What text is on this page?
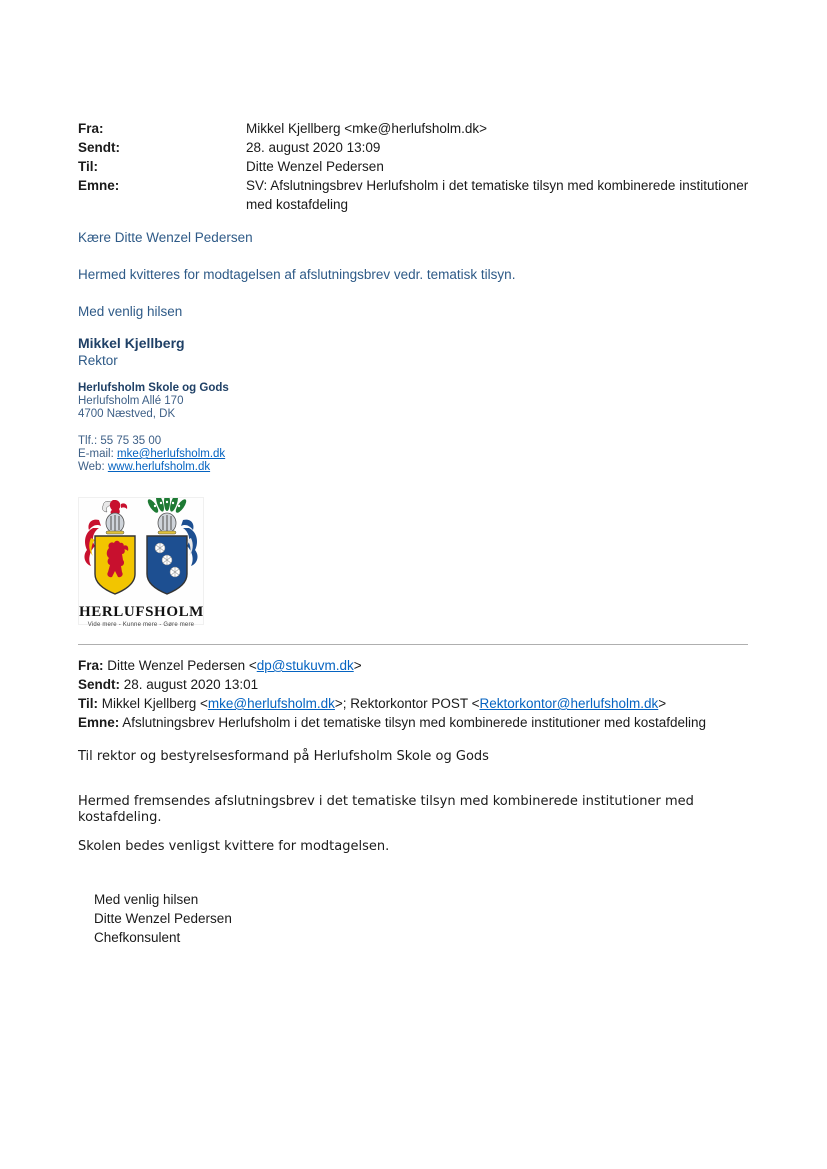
Fra:	Mikkel Kjellberg <mke@herlufsholm.dk>
Sendt:	28. august 2020 13:09
Til:	Ditte Wenzel Pedersen
Emne:	SV: Afslutningsbrev Herlufsholm i det tematiske tilsyn med kombinerede institutioner med kostafdeling
Kære Ditte Wenzel Pedersen
Hermed kvitteres for modtagelsen af afslutningsbrev vedr. tematisk tilsyn.
Med venlig hilsen
Mikkel Kjellberg
Rektor
Herlufsholm Skole og Gods
Herlufsholm Allé 170
4700 Næstved, DK
Tlf.: 55 75 35 00
E-mail: mke@herlufsholm.dk
Web: www.herlufsholm.dk
HERLUFSHOLM
Vide mere - Kunne mere - Gøre mere
Fra: Ditte Wenzel Pedersen <dp@stukuvm.dk>
Sendt: 28. august 2020 13:01
Til: Mikkel Kjellberg <mke@herlufsholm.dk>; Rektorkontor POST <Rektorkontor@herlufsholm.dk>
Emne: Afslutningsbrev Herlufsholm i det tematiske tilsyn med kombinerede institutioner med kostafdeling
Til rektor og bestyrelsesformand på Herlufsholm Skole og Gods
Hermed fremsendes afslutningsbrev i det tematiske tilsyn med kombinerede institutioner med kostafdeling.
Skolen bedes venligst kvittere for modtagelsen.
Med venlig hilsen
Ditte Wenzel Pedersen
Chefkonsulent
